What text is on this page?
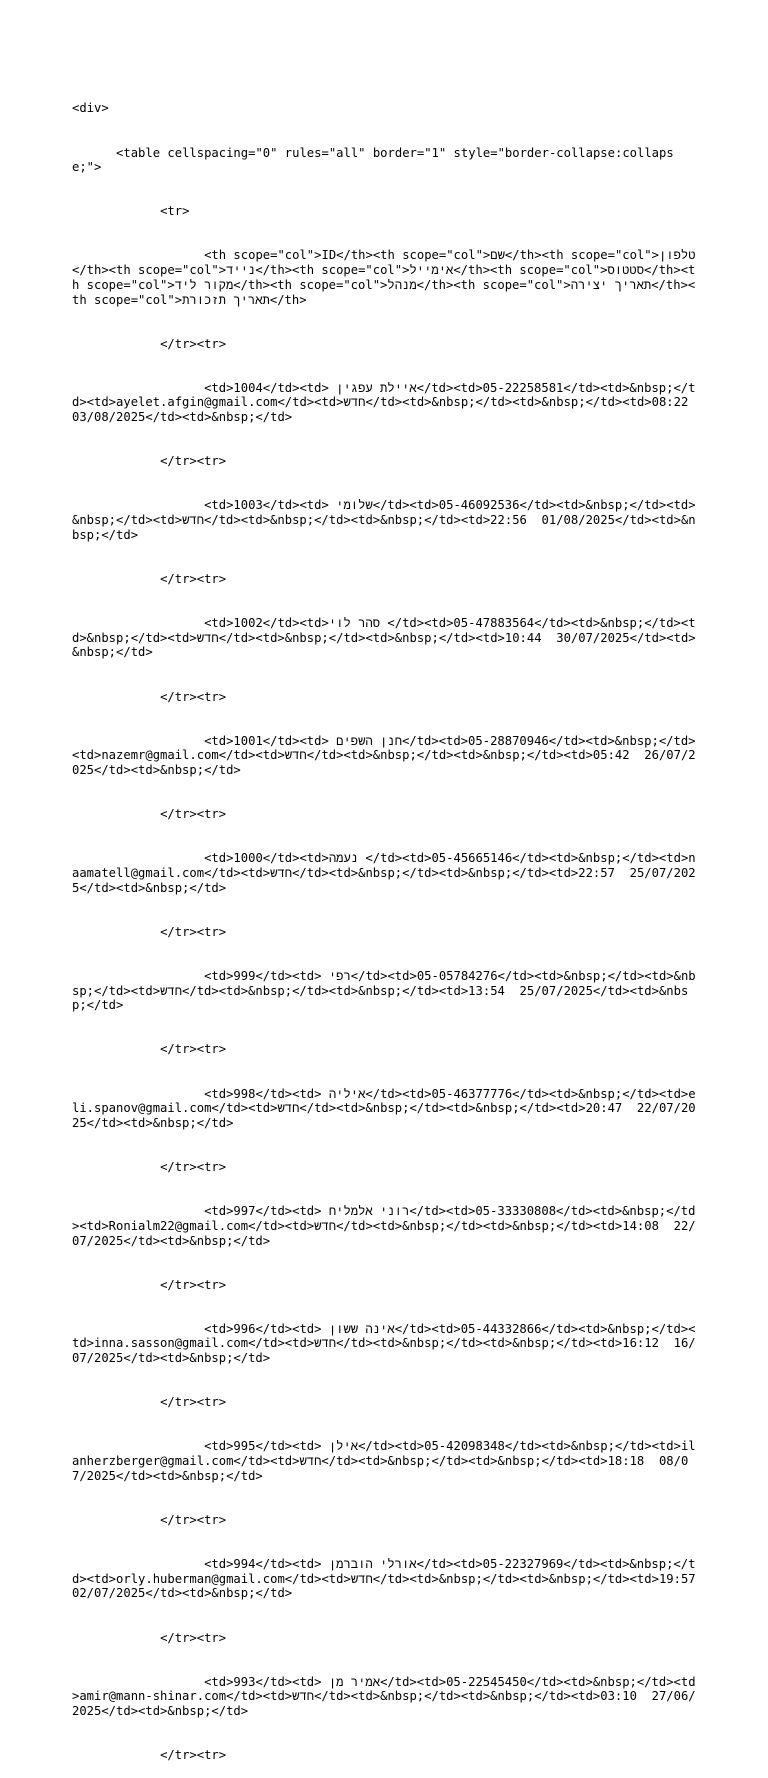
<div>

<table cellspacing="0" rules="all" border="1" style="border-collapse:collapse;">

<tr>

<th scope="col">ID</th><th scope="col">שם</th><th scope="col">טלפון</th><th scope="col">נייד</th><th scope="col">אימייל</th><th scope="col">סטטוס</th><th scope="col">מקור ליד</th><th scope="col">מנהל</th><th scope="col">תאריך יצירה</th><th scope="col">תאריך תזכורת</th>

</tr><tr>

<td>1004</td><td> איילת עפגין</td><td>05-22258581</td><td>&nbsp;</td><td>ayelet.afgin@gmail.com</td><td>חדש</td><td>&nbsp;</td><td>&nbsp;</td><td>08:22  03/08/2025</td><td>&nbsp;</td>

</tr><tr>

<td>1003</td><td> שלומי</td><td>05-46092536</td><td>&nbsp;</td><td>&nbsp;</td><td>חדש</td><td>&nbsp;</td><td>&nbsp;</td><td>22:56  01/08/2025</td><td>&nbsp;</td>

</tr><tr>

<td>1002</td><td>סהר לוי </td><td>05-47883564</td><td>&nbsp;</td><td>&nbsp;</td><td>חדש</td><td>&nbsp;</td><td>&nbsp;</td><td>10:44  30/07/2025</td><td>&nbsp;</td>

</tr><tr>

<td>1001</td><td> חנן השפים</td><td>05-28870946</td><td>&nbsp;</td><td>nazemr@gmail.com</td><td>חדש</td><td>&nbsp;</td><td>&nbsp;</td><td>05:42  26/07/2025</td><td>&nbsp;</td>

</tr><tr>

<td>1000</td><td>נעמה </td><td>05-45665146</td><td>&nbsp;</td><td>naamatell@gmail.com</td><td>חדש</td><td>&nbsp;</td><td>&nbsp;</td><td>22:57  25/07/2025</td><td>&nbsp;</td>

</tr><tr>

<td>999</td><td> רפי</td><td>05-05784276</td><td>&nbsp;</td><td>&nbsp;</td><td>חדש</td><td>&nbsp;</td><td>&nbsp;</td><td>13:54  25/07/2025</td><td>&nbsp;</td>

</tr><tr>

<td>998</td><td> איליה</td><td>05-46377776</td><td>&nbsp;</td><td>eli.spanov@gmail.com</td><td>חדש</td><td>&nbsp;</td><td>&nbsp;</td><td>20:47  22/07/2025</td><td>&nbsp;</td>

</tr><tr>

<td>997</td><td> רוני אלמליח</td><td>05-33330808</td><td>&nbsp;</td><td>Ronialm22@gmail.com</td><td>חדש</td><td>&nbsp;</td><td>&nbsp;</td><td>14:08  22/07/2025</td><td>&nbsp;</td>

</tr><tr>

<td>996</td><td> אינה ששון</td><td>05-44332866</td><td>&nbsp;</td><td>inna.sasson@gmail.com</td><td>חדש</td><td>&nbsp;</td><td>&nbsp;</td><td>16:12  16/07/2025</td><td>&nbsp;</td>

</tr><tr>

<td>995</td><td> אילן</td><td>05-42098348</td><td>&nbsp;</td><td>ilanherzberger@gmail.com</td><td>חדש</td><td>&nbsp;</td><td>&nbsp;</td><td>18:18  08/07/2025</td><td>&nbsp;</td>

</tr><tr>

<td>994</td><td> אורלי הוברמן</td><td>05-22327969</td><td>&nbsp;</td><td>orly.huberman@gmail.com</td><td>חדש</td><td>&nbsp;</td><td>&nbsp;</td><td>19:57  02/07/2025</td><td>&nbsp;</td>

</tr><tr>

<td>993</td><td> אמיר מן</td><td>05-22545450</td><td>&nbsp;</td><td>amir@mann-shinar.com</td><td>חדש</td><td>&nbsp;</td><td>&nbsp;</td><td>03:10  27/06/2025</td><td>&nbsp;</td>

</tr><tr>
